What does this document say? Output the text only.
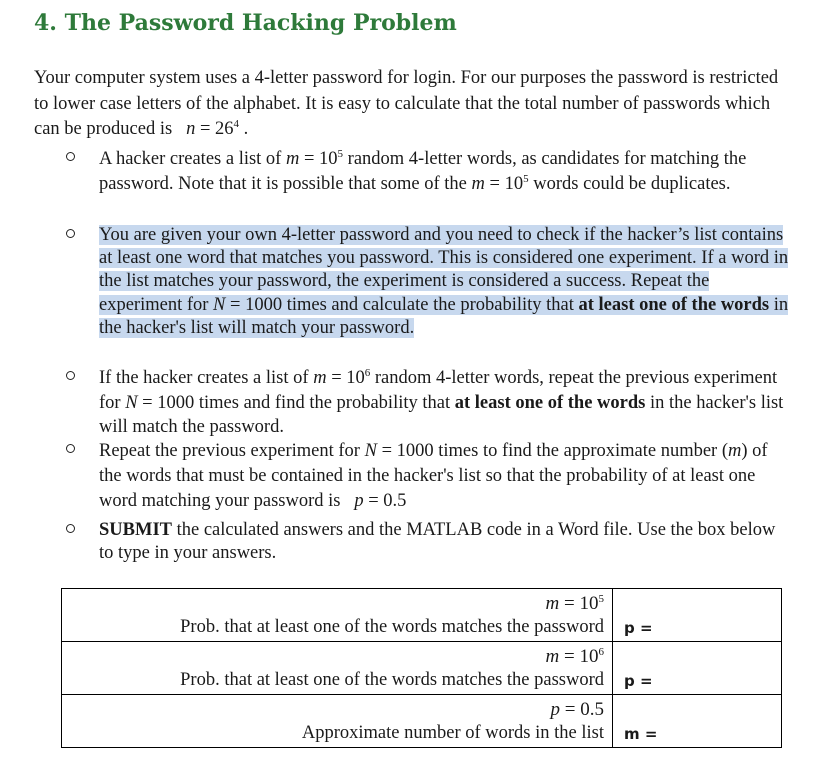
4. The Password Hacking Problem
Your computer system uses a 4-letter password for login. For our purposes the password is restricted to lower case letters of the alphabet. It is easy to calculate that the total number of passwords which can be produced is $n = 26^4$ .
A hacker creates a list of $m = 10^5$ random 4-letter words, as candidates for matching the password. Note that it is possible that some of the $m = 10^5$ words could be duplicates.
You are given your own 4-letter password and you need to check if the hacker’s list contains at least one word that matches you password. This is considered one experiment. If a word in the list matches your password, the experiment is considered a success. Repeat the experiment for N = 1000 times and calculate the probability that at least one of the words in the hacker's list will match your password.
If the hacker creates a list of $m = 10^6$ random 4-letter words, repeat the previous experiment for N = 1000 times and find the probability that at least one of the words in the hacker's list will match the password.
Repeat the previous experiment for N = 1000 times to find the approximate number (m) of the words that must be contained in the hacker's list so that the probability of at least one word matching your password is   p = 0.5
SUBMIT the calculated answers and the MATLAB code in a Word file. Use the box below to type in your answers.
$m = 10^5$
Prob. that at least one of the words matches the password p =
$m = 10^6$
Prob. that at least one of the words matches the password p =
p = 0.5
Approximate number of words in the list m =
